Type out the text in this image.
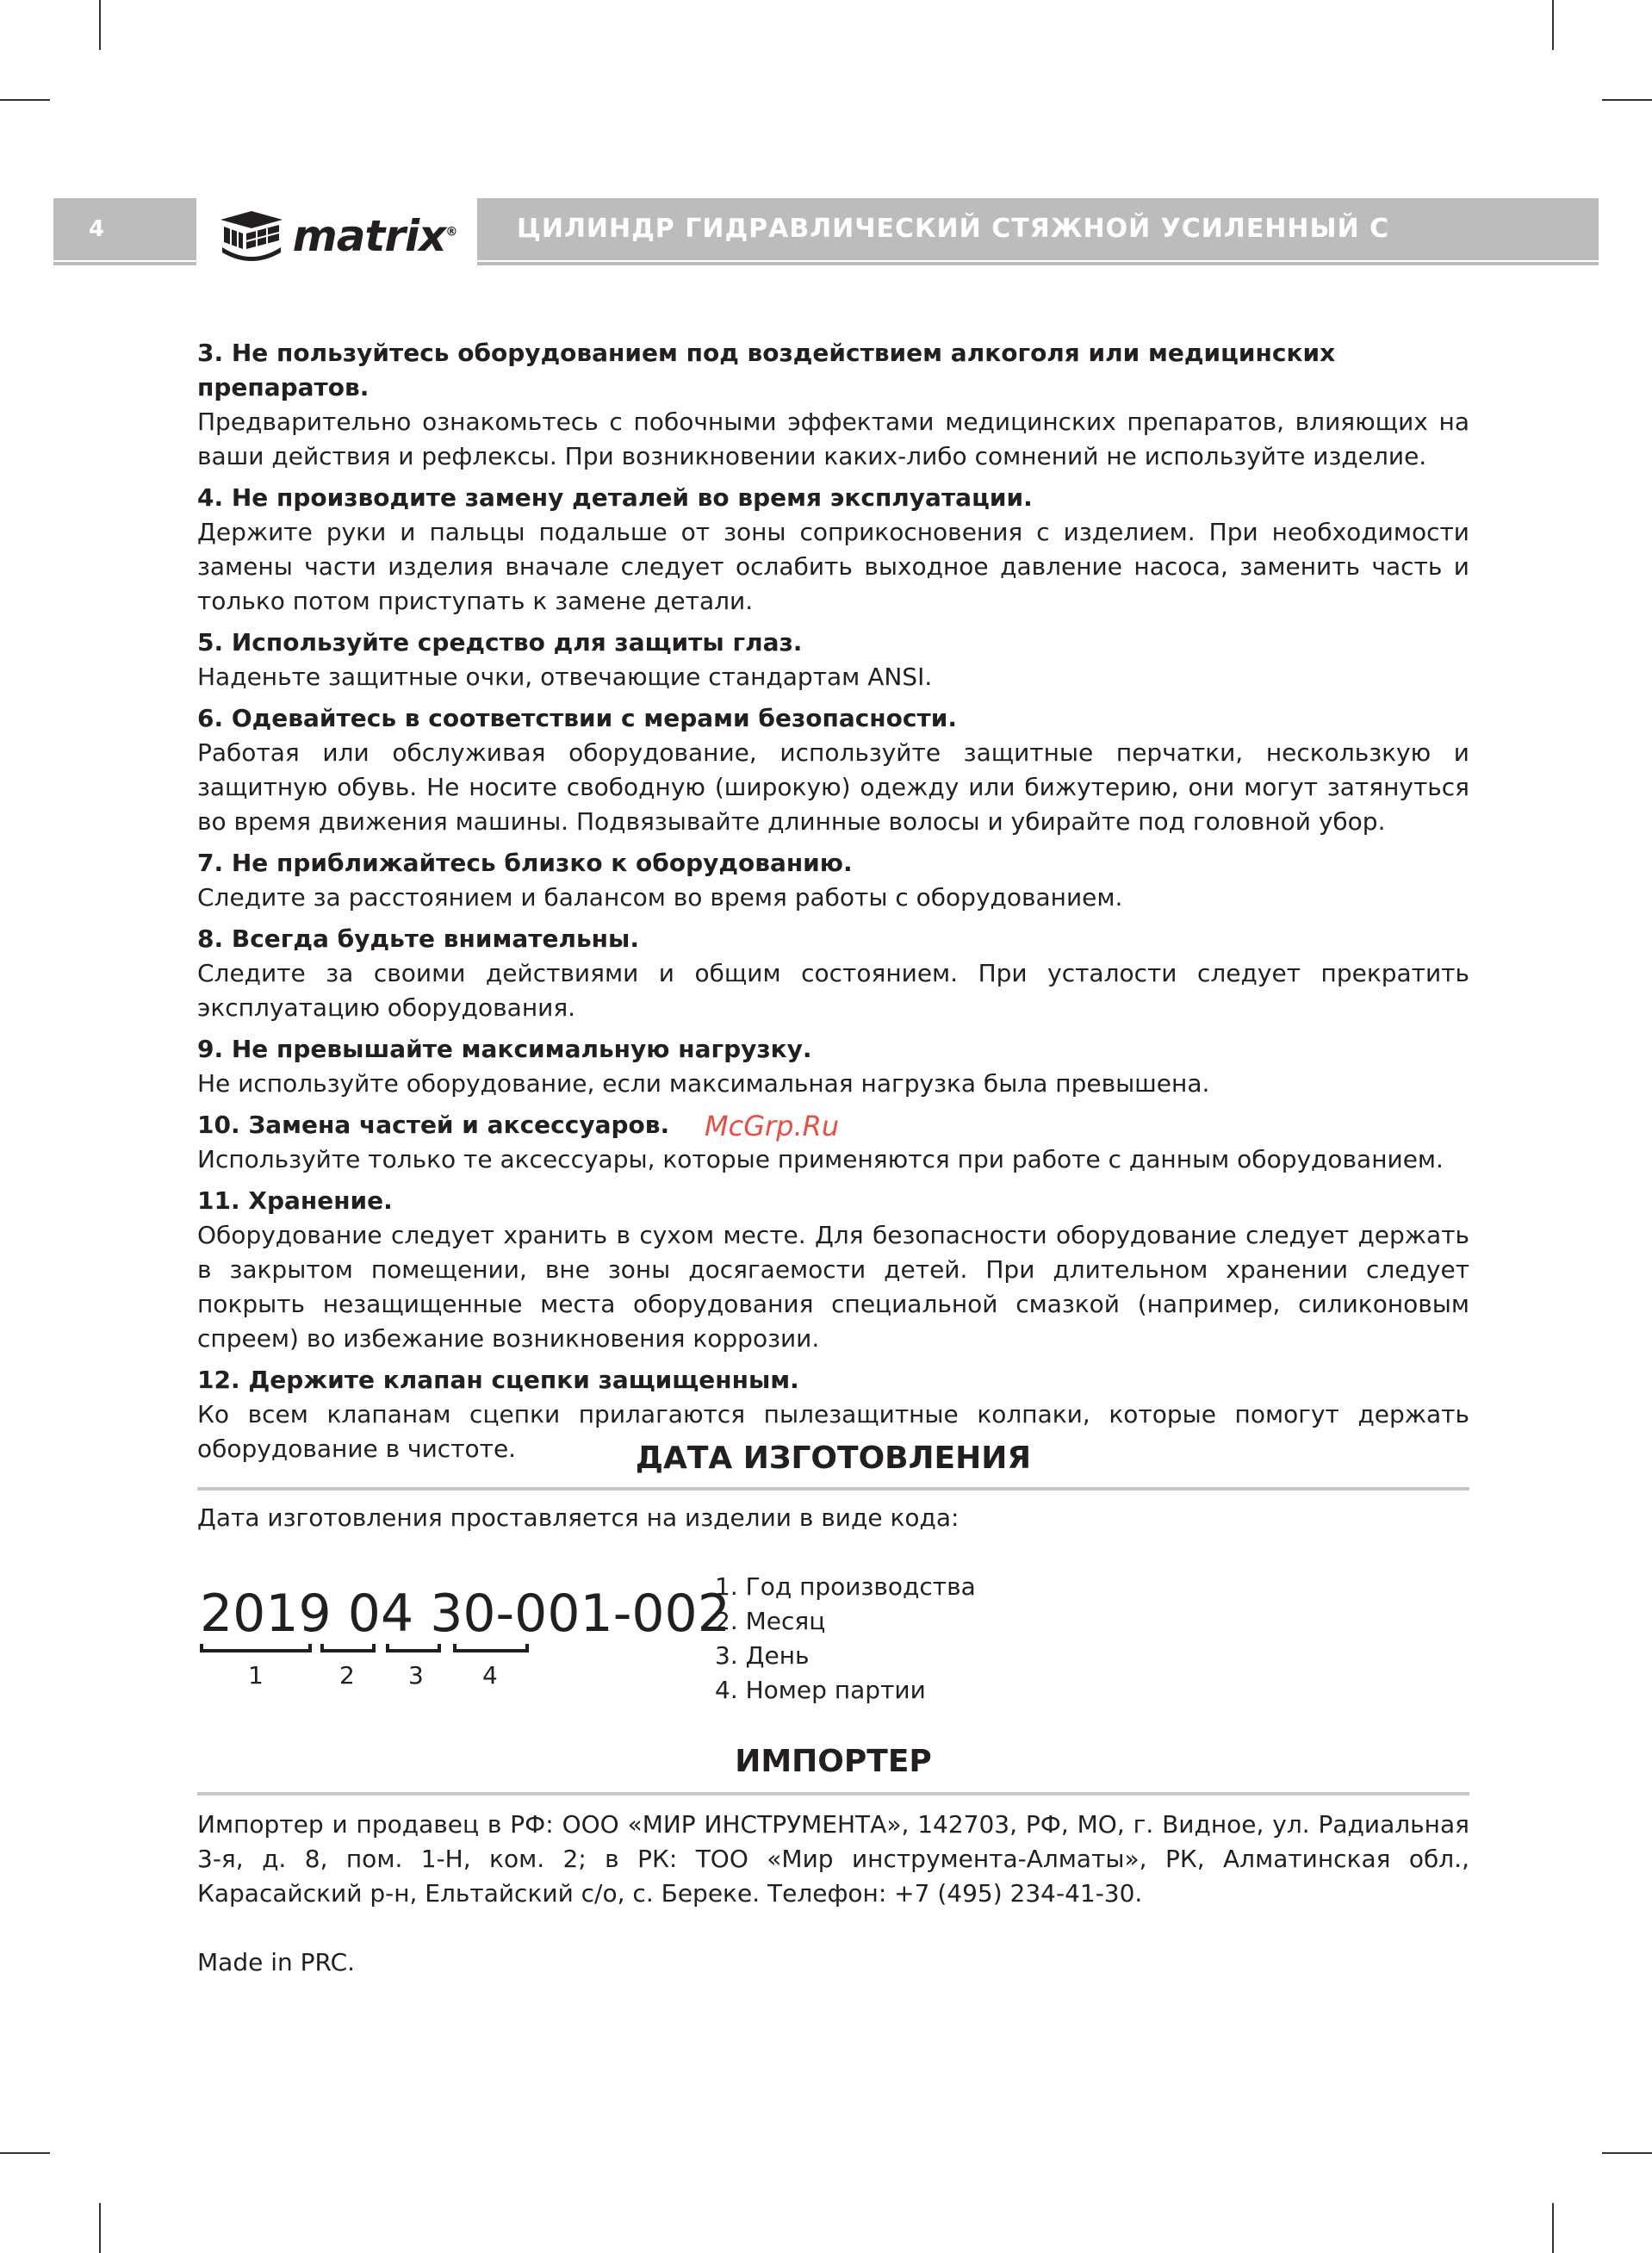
4	matrix® ЦИЛИНДР ГИДРАВЛИЧЕСКИЙ СТЯЖНОЙ УСИЛЕННЫЙ С КРЮКАМИ
3. Не пользуйтесь оборудованием под воздействием алкоголя или медицинских препаратов.

Предварительно ознакомьтесь с побочными эффектами медицинских препаратов, влияющих на ваши действия и рефлексы. При возникновении каких-либо сомнений не используйте изделие.

4. Не производите замену деталей во время эксплуатации.

Держите руки и пальцы подальше от зоны соприкосновения с изделием. При необходимости замены части изделия вначале следует ослабить выходное давление насоса, заменить часть и только потом приступать к замене детали.

5. Используйте средство для защиты глаз.

Наденьте защитные очки, отвечающие стандартам ANSI.

6. Одевайтесь в соответствии с мерами безопасности.

Работая или обслуживая оборудование, используйте защитные перчатки, нескользкую и защитную обувь. Не носите свободную (широкую) одежду или бижутерию, они могут затянуться во время движения машины. Подвязывайте длинные волосы и убирайте под головной убор.

7. Не приближайтесь близко к оборудованию.

Следите за расстоянием и балансом во время работы с оборудованием.

8. Всегда будьте внимательны.

Следите за своими действиями и общим состоянием. При усталости следует прекратить эксплуатацию оборудования.

9. Не превышайте максимальную нагрузку.

Не используйте оборудование, если максимальная нагрузка была превышена.

10. Замена частей и аксессуаров.

Используйте только те аксессуары, которые применяются при работе с данным оборудованием.

11. Хранение.

Оборудование следует хранить в сухом месте. Для безопасности оборудование следует держать в закрытом помещении, вне зоны досягаемости детей. При длительном хранении следует покрыть незащищенные места оборудования специальной смазкой (например, силиконовым спреем) во избежание возникновения коррозии.

12. Держите клапан сцепки защищенным.

Ко всем клапанам сцепки прилагаются пылезащитные колпаки, которые помогут держать оборудование в чистоте.

McGrp.Ru
ДАТА ИЗГОТОВЛЕНИЯ
Дата изготовления проставляется на изделии в виде кода:
2019 04 30-001-002
1	2 3 4
1. Год производства
2. Месяц
3. День
4. Номер партии
ИМПОРТЕР
Импортер и продавец в РФ: ООО «МИР ИНСТРУМЕНТА», 142703, РФ, МО, г. Видное, ул. Радиальная 3-я, д. 8, пом. 1-Н, ком. 2; в РК: ТОО «Мир инструмента-Алматы», РК, Алматинская обл., Карасайский р-н, Ельтайский с/о, с. Береке. Телефон: +7 (495) 234-41-30.
Made in PRC.
